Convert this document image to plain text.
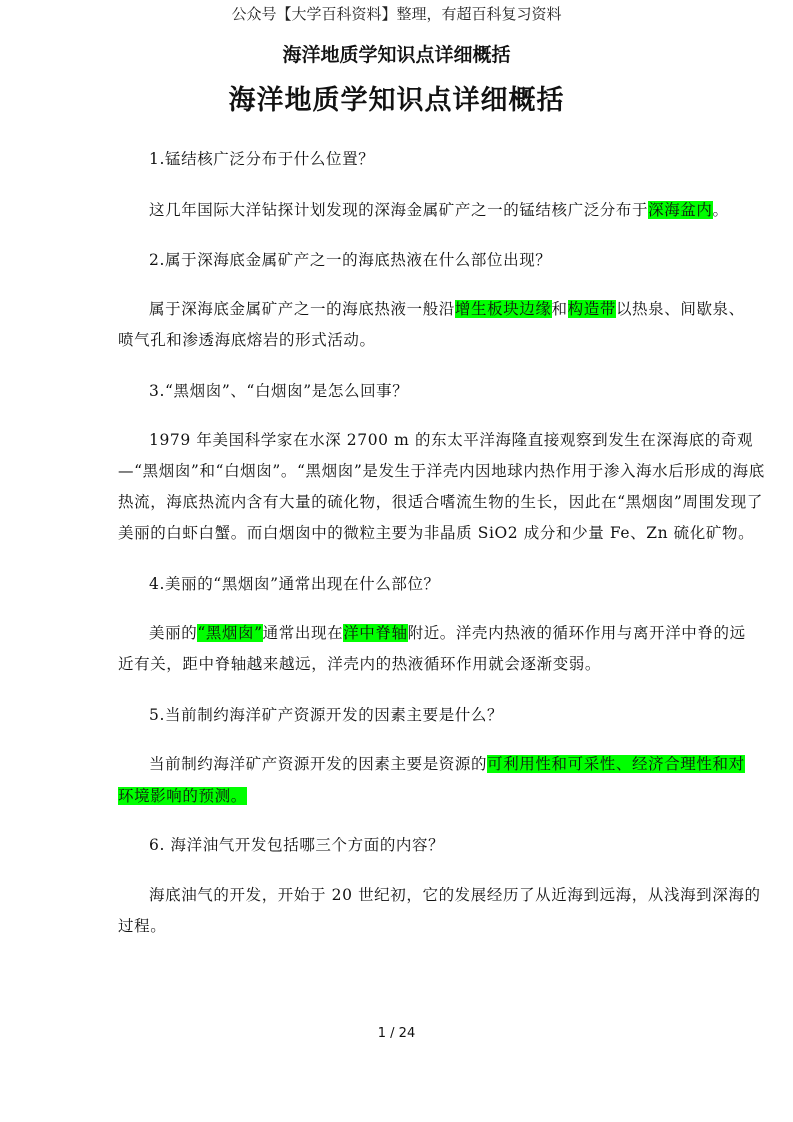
公众号【大学百科资料】整理，有超百科复习资料
海洋地质学知识点详细概括
海洋地质学知识点详细概括
1.锰结核广泛分布于什么位置？
这几年国际大洋钻探计划发现的深海金属矿产之一的锰结核广泛分布于深海盆内。
2.属于深海底金属矿产之一的海底热液在什么部位出现？
属于深海底金属矿产之一的海底热液一般沿增生板块边缘和构造带以热泉、间歇泉、
喷气孔和渗透海底熔岩的形式活动。
3.“黑烟囱”、“白烟囱”是怎么回事？
1979 年美国科学家在水深 2700 m 的东太平洋海隆直接观察到发生在深海底的奇观
—“黑烟囱”和“白烟囱”。“黑烟囱”是发生于洋壳内因地球内热作用于渗入海水后形成的海底
热流，海底热流内含有大量的硫化物，很适合嗜流生物的生长，因此在“黑烟囱”周围发现了
美丽的白虾白蟹。而白烟囱中的微粒主要为非晶质 SiO2 成分和少量 Fe、Zn 硫化矿物。
4.美丽的“黑烟囱”通常出现在什么部位？
美丽的“黑烟囱”通常出现在洋中脊轴附近。洋壳内热液的循环作用与离开洋中脊的远
近有关，距中脊轴越来越远，洋壳内的热液循环作用就会逐渐变弱。
5.当前制约海洋矿产资源开发的因素主要是什么？
当前制约海洋矿产资源开发的因素主要是资源的可利用性和可采性、经济合理性和对
环境影响的预测。
6. 海洋油气开发包括哪三个方面的内容？
海底油气的开发，开始于 20 世纪初，它的发展经历了从近海到远海，从浅海到深海的
过程。
1 / 24
